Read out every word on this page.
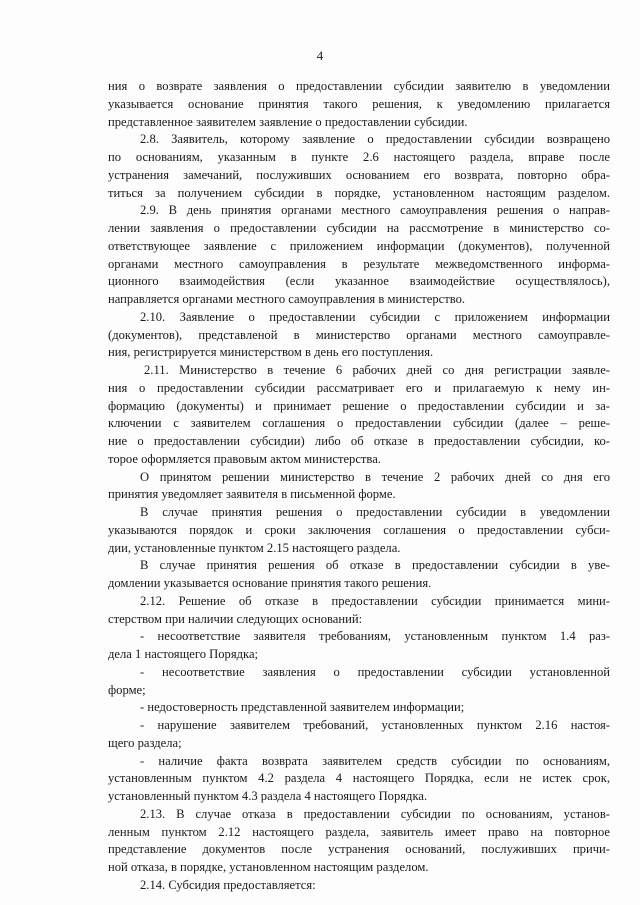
4
ния о возврате заявления о предоставлении субсидии заявителю в уведомлении
указывается основание принятия такого решения, к уведомлению прилагается
представленное заявителем заявление о предоставлении субсидии.
2.8. Заявитель, которому заявление о предоставлении субсидии возвращено
по основаниям, указанным в пункте 2.6 настоящего раздела, вправе после
устранения замечаний, послуживших основанием его возврата, повторно обра-
титься за получением субсидии в порядке, установленном настоящим разделом.
2.9. В день принятия органами местного самоуправления решения о направ-
лении заявления о предоставлении субсидии на рассмотрение в министерство со-
ответствующее заявление с приложением информации (документов), полученной
органами местного самоуправления в результате межведомственного информа-
ционного взаимодействия (если указанное взаимодействие осуществлялось),
направляется органами местного самоуправления в министерство.
2.10. Заявление о предоставлении субсидии с приложением информации
(документов), представленой в министерство органами местного самоуправле-
ния, регистрируется министерством в день его поступления.
2.11. Министерство в течение 6 рабочих дней со дня регистрации заявле-
ния о предоставлении субсидии рассматривает его и прилагаемую к нему ин-
формацию (документы) и принимает решение о предоставлении субсидии и за-
ключении с заявителем соглашения о предоставлении субсидии (далее – реше-
ние о предоставлении субсидии) либо об отказе в предоставлении субсидии, ко-
торое оформляется правовым актом министерства.
О принятом решении министерство в течение 2 рабочих дней со дня его
принятия уведомляет заявителя в письменной форме.
В случае принятия решения о предоставлении субсидии в уведомлении
указываются порядок и сроки заключения соглашения о предоставлении субси-
дии, установленные пунктом 2.15 настоящего раздела.
В случае принятия решения об отказе в предоставлении субсидии в уве-
домлении указывается основание принятия такого решения.
2.12. Решение об отказе в предоставлении субсидии принимается мини-
стерством при наличии следующих оснований:
- несоответствие заявителя требованиям, установленным пунктом 1.4 раз-
дела 1 настоящего Порядка;
- несоответствие заявления о предоставлении субсидии установленной
форме;
- недостоверность представленной заявителем информации;
- нарушение заявителем требований, установленных пунктом 2.16 настоя-
щего раздела;
- наличие факта возврата заявителем средств субсидии по основаниям,
установленным пунктом 4.2 раздела 4 настоящего Порядка, если не истек срок,
установленный пунктом 4.3 раздела 4 настоящего Порядка.
2.13. В случае отказа в предоставлении субсидии по основаниям, установ-
ленным пунктом 2.12 настоящего раздела, заявитель имеет право на повторное
представление документов после устранения оснований, послуживших причи-
ной отказа, в порядке, установленном настоящим разделом.
2.14. Субсидия предоставляется:
